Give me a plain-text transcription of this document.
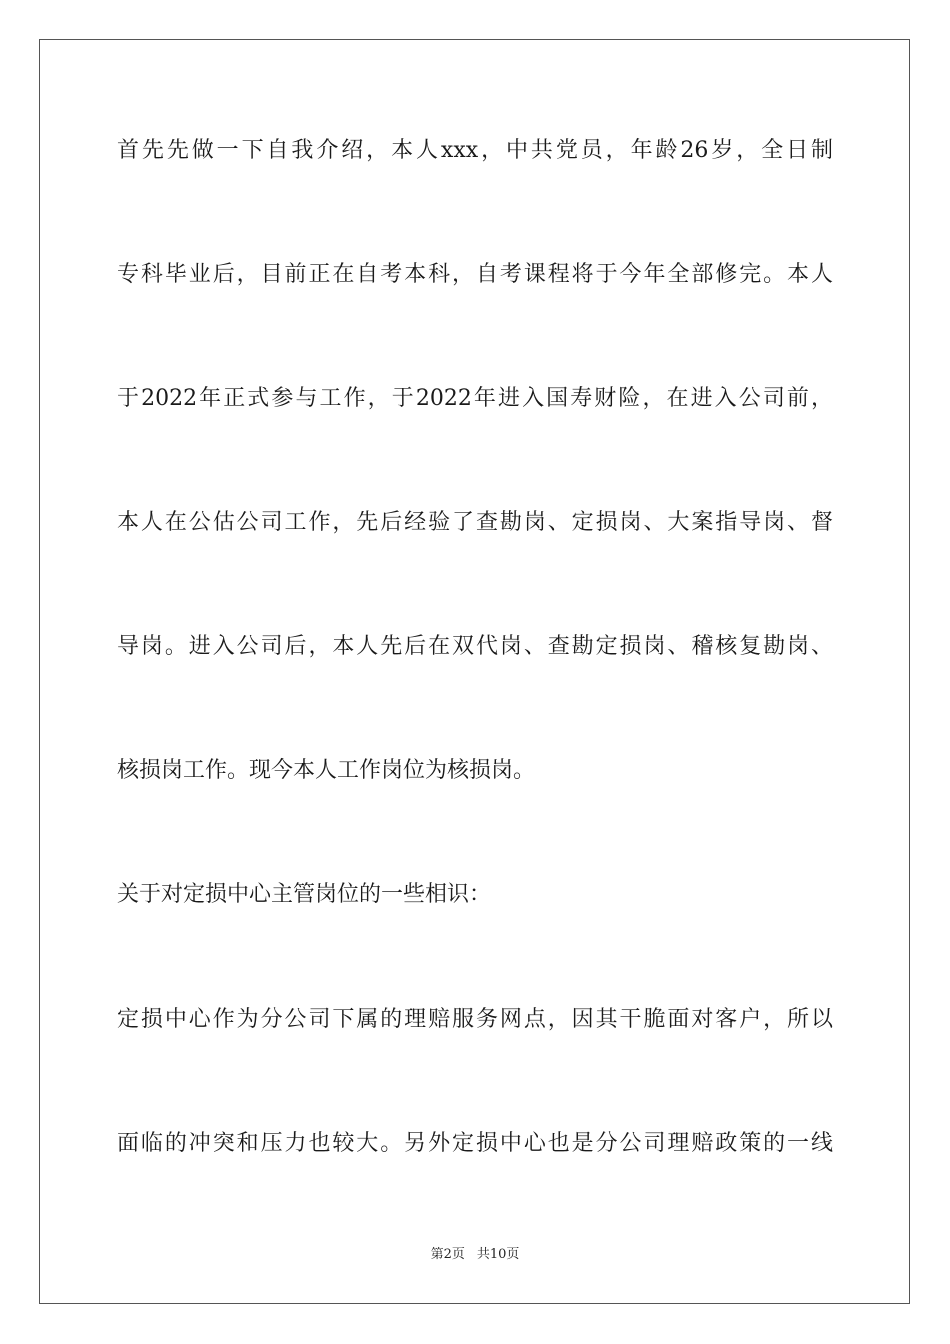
首先先做一下自我介绍，本人xxx，中共党员，年龄26岁，全日制
专科毕业后，目前正在自考本科，自考课程将于今年全部修完。本人
于2022年正式参与工作，于2022年进入国寿财险，在进入公司前，
本人在公估公司工作，先后经验了查勘岗、定损岗、大案指导岗、督
导岗。进入公司后，本人先后在双代岗、查勘定损岗、稽核复勘岗、
核损岗工作。现今本人工作岗位为核损岗。
关于对定损中心主管岗位的一些相识：
定损中心作为分公司下属的理赔服务网点，因其干脆面对客户，所以
面临的冲突和压力也较大。另外定损中心也是分公司理赔政策的一线
第2页 共10页
